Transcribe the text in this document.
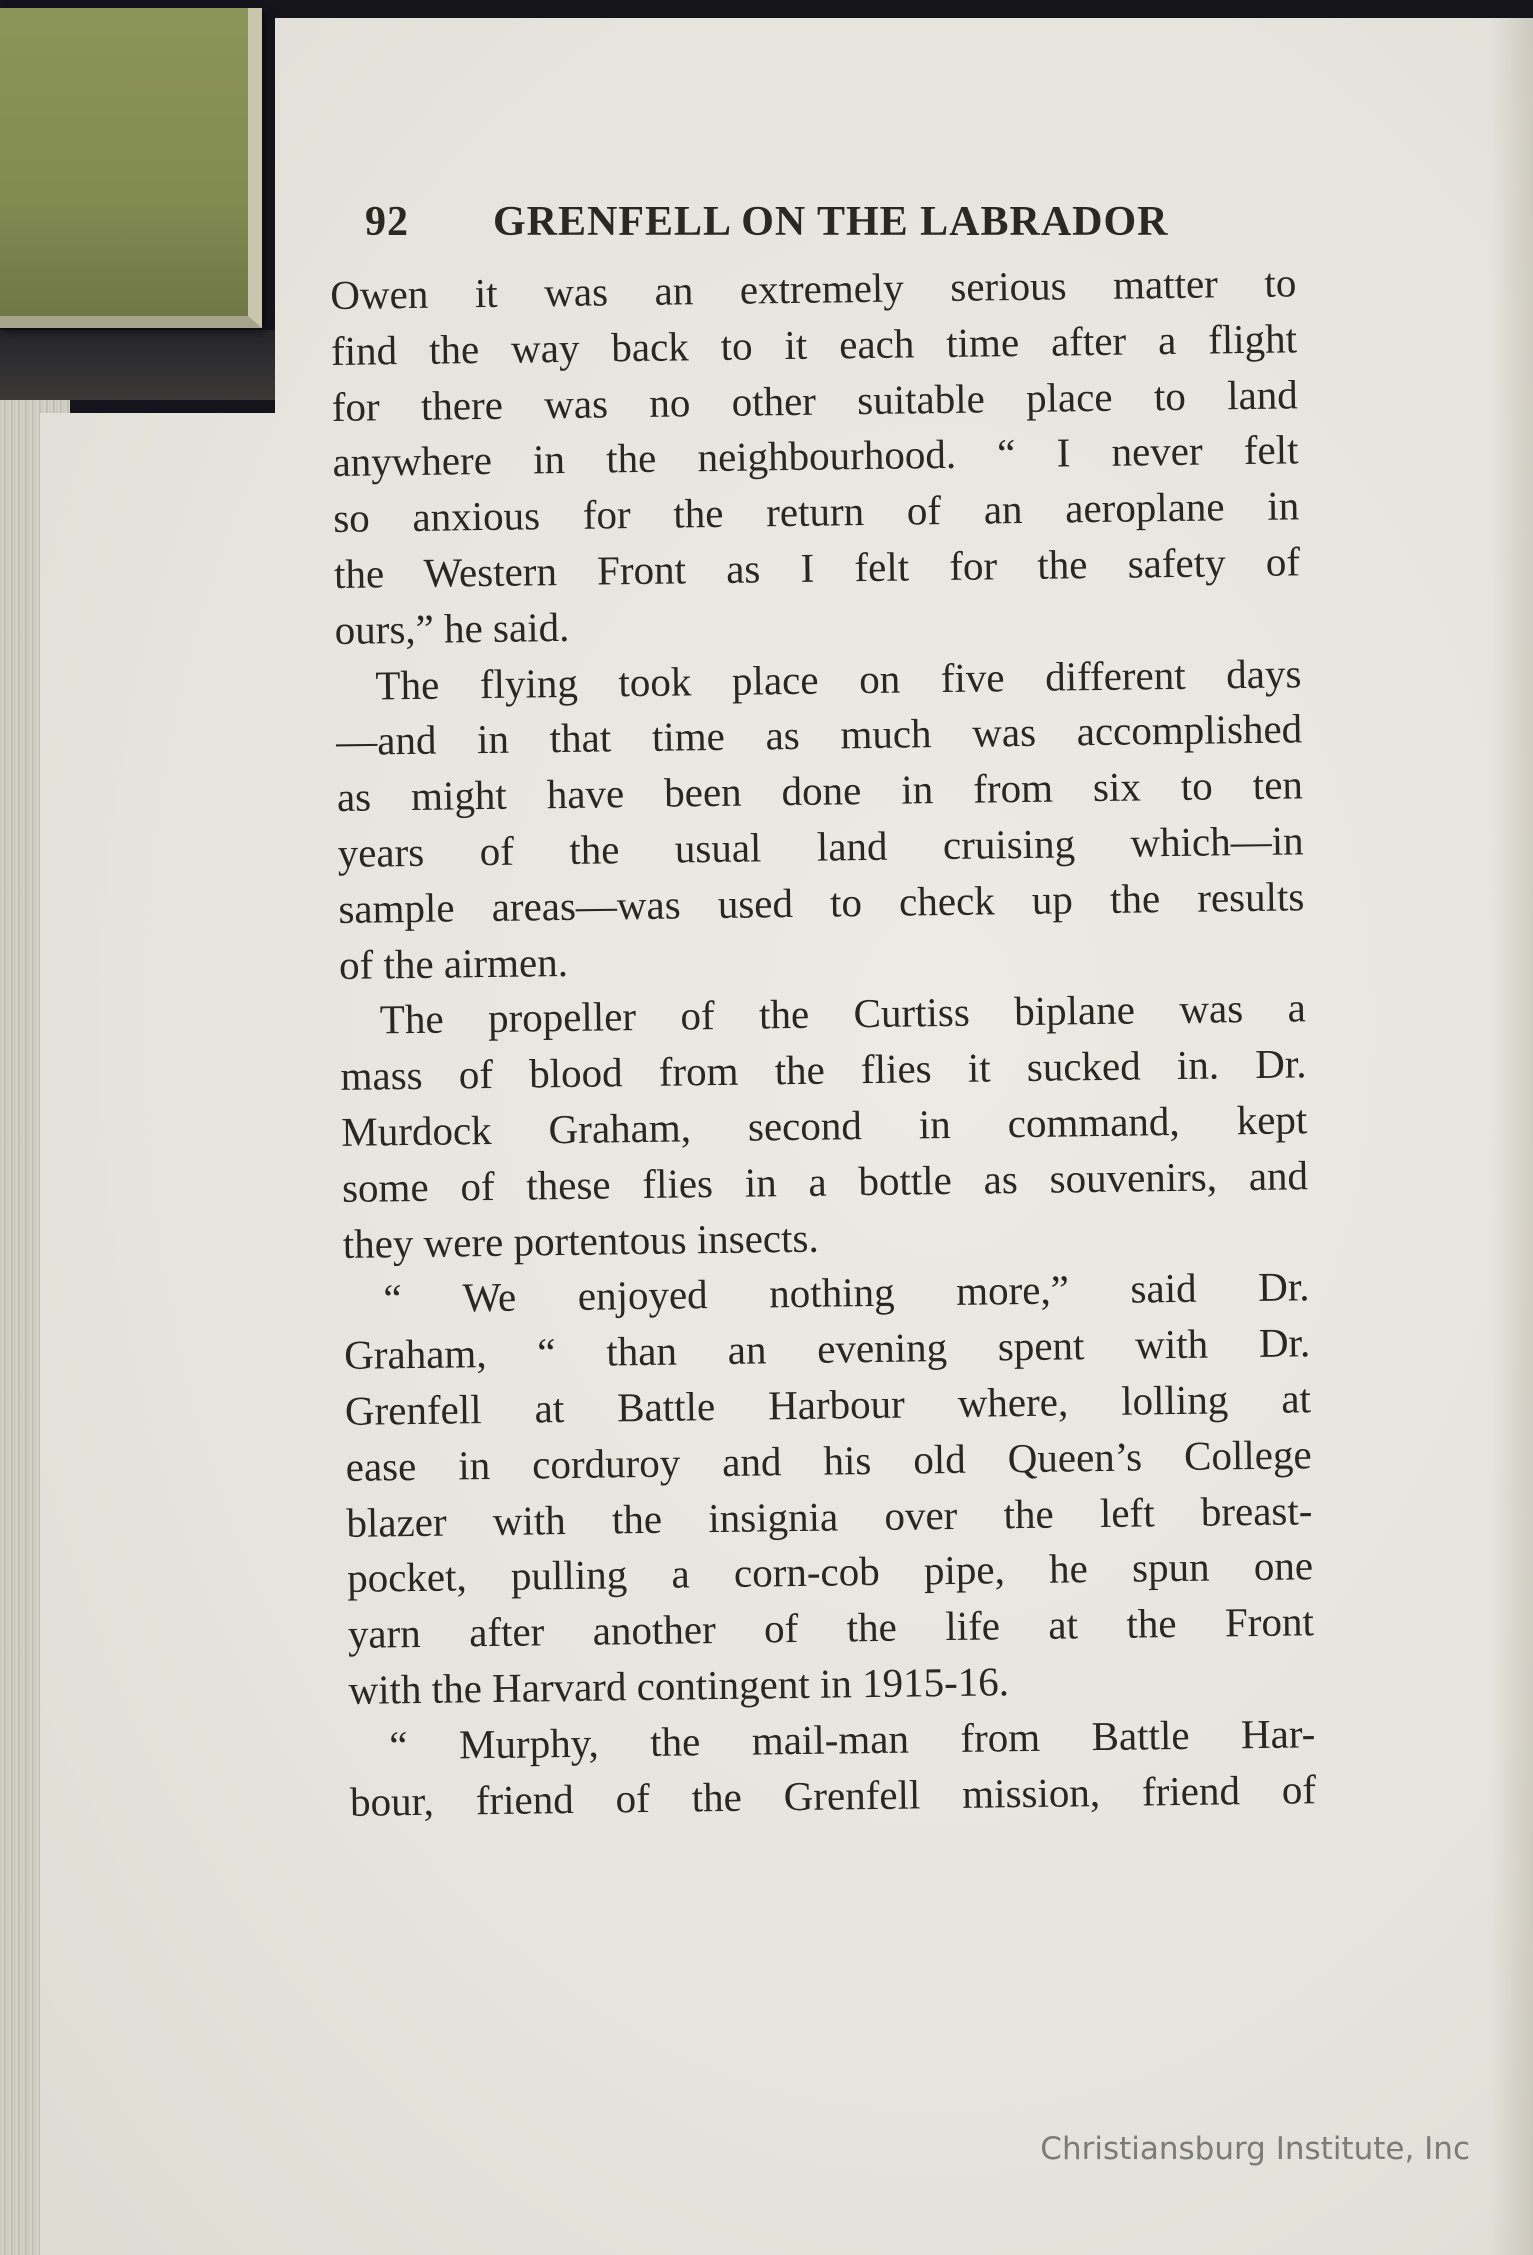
92 GRENFELL ON THE LABRADOR
Owen it was an extremely serious matter to
find the way back to it each time after a flight
for there was no other suitable place to land
anywhere in the neighbourhood. “ I never felt
so anxious for the return of an aeroplane in
the Western Front as I felt for the safety of
ours,” he said.
The flying took place on five different days
—and in that time as much was accomplished
as might have been done in from six to ten
years of the usual land cruising which—in
sample areas—was used to check up the results
of the airmen.
The propeller of the Curtiss biplane was a
mass of blood from the flies it sucked in. Dr.
Murdock Graham, second in command, kept
some of these flies in a bottle as souvenirs, and
they were portentous insects.
“ We enjoyed nothing more,” said Dr.
Graham, “ than an evening spent with Dr.
Grenfell at Battle Harbour where, lolling at
ease in corduroy and his old Queen’s College
blazer with the insignia over the left breast-
pocket, pulling a corn-cob pipe, he spun one
yarn after another of the life at the Front
with the Harvard contingent in 1915-16.
“ Murphy, the mail-man from Battle Har-
bour, friend of the Grenfell mission, friend of
Christiansburg Institute, Inc
